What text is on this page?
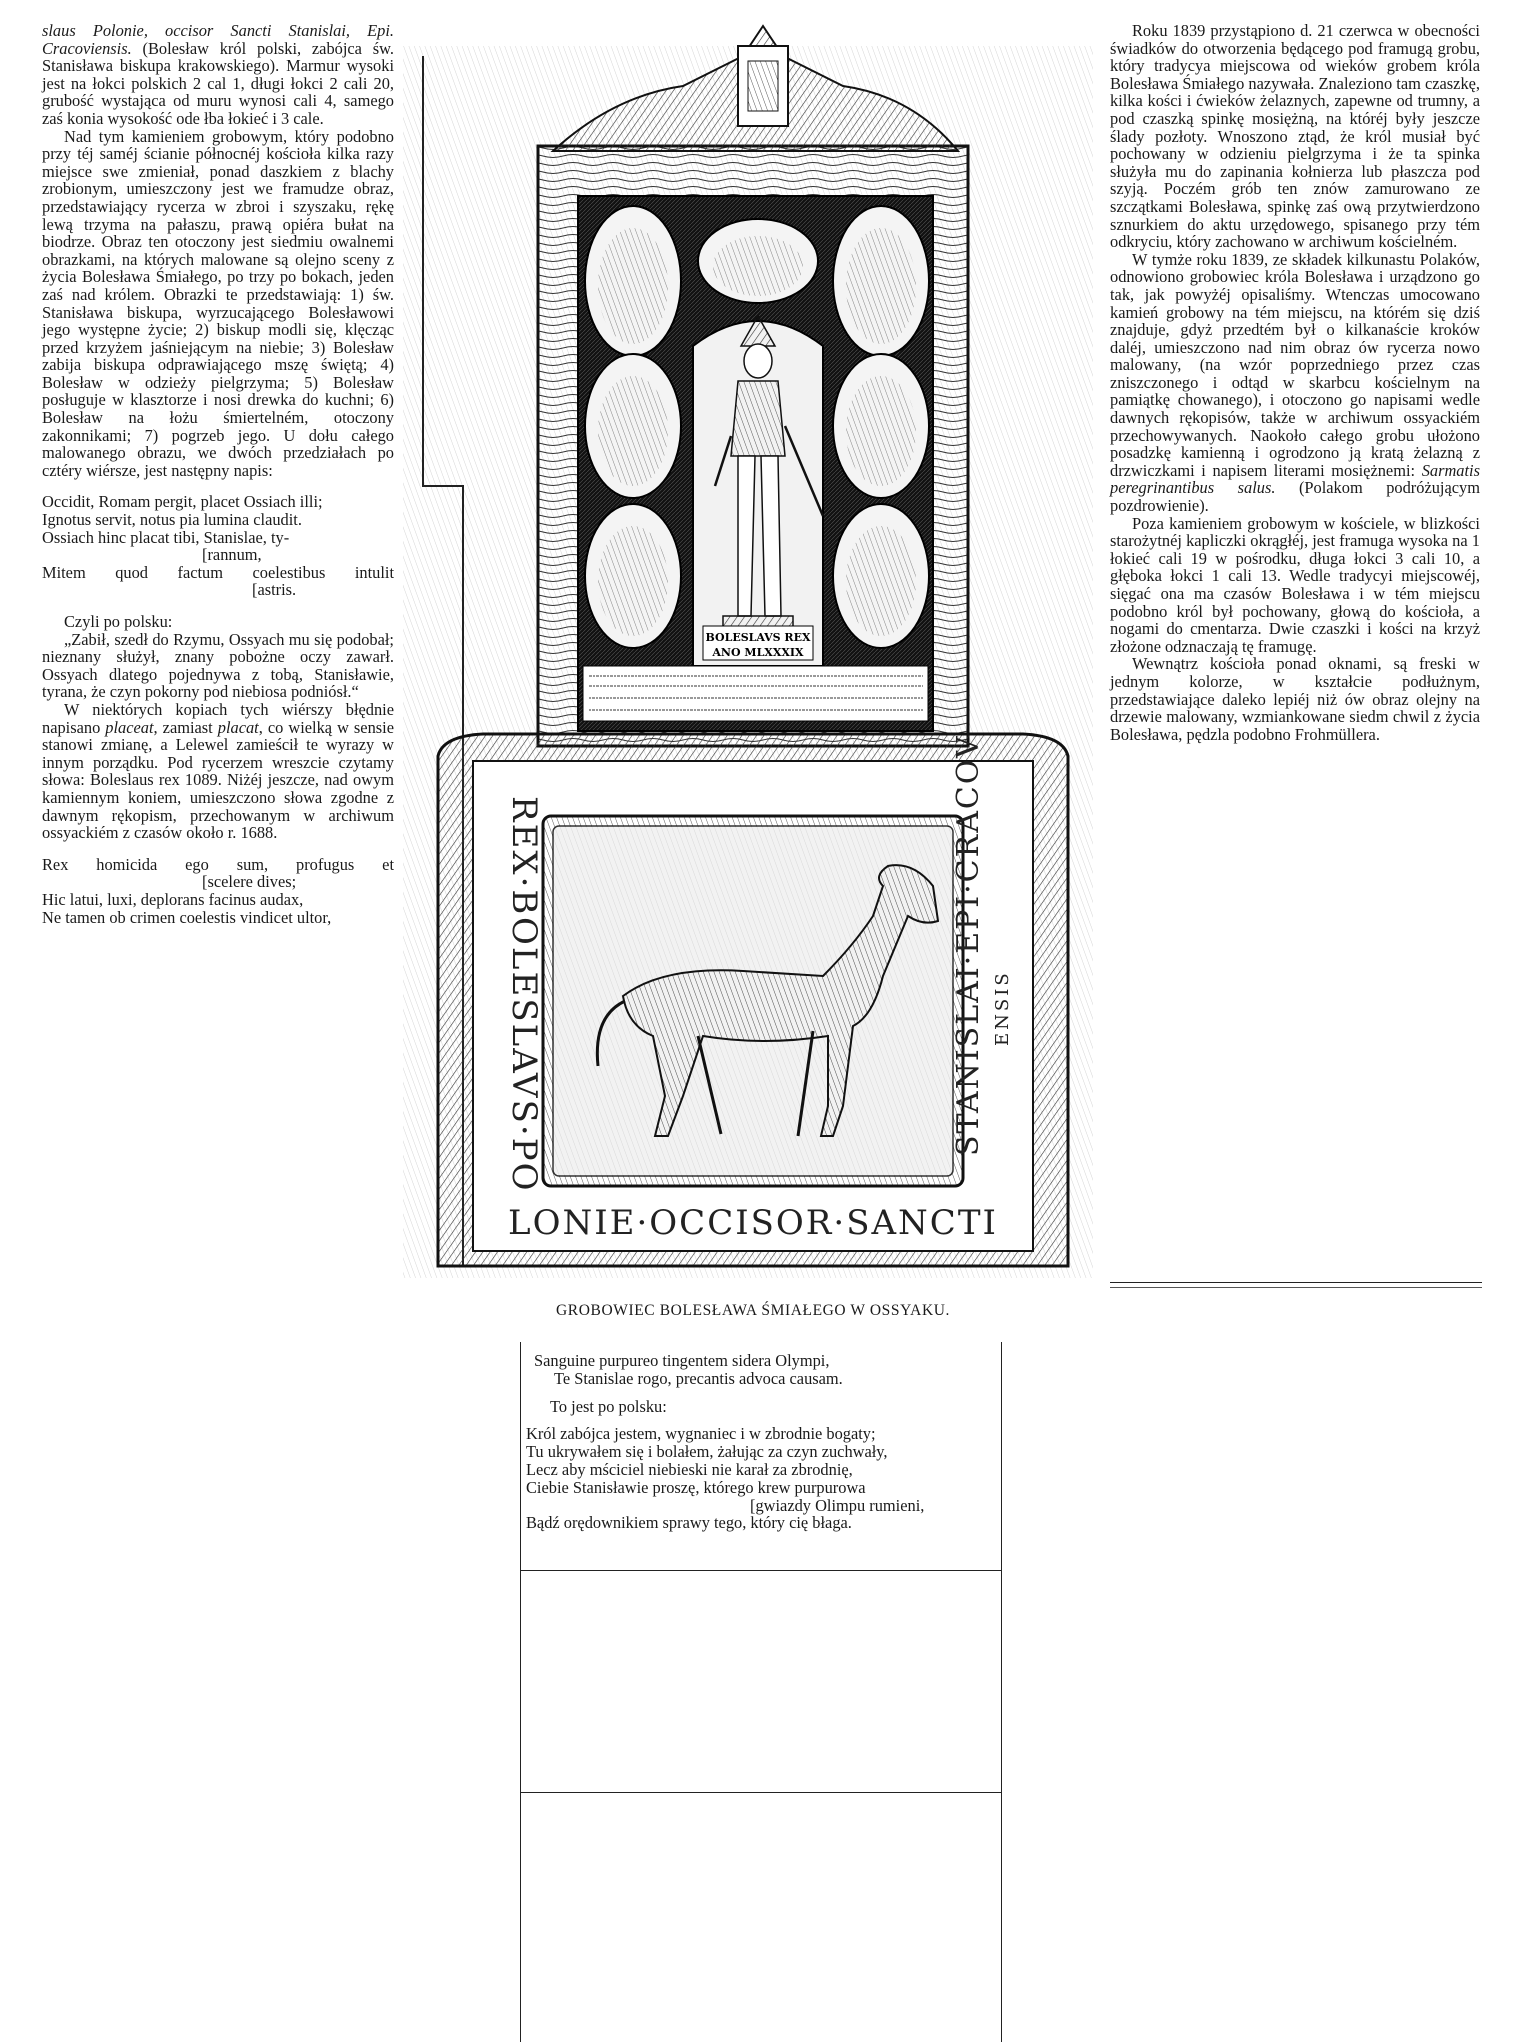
slaus Polonie, occisor Sancti Stanislai, Epi. Cracoviensis. (Bolesław król polski, zabójca św. Stanisława biskupa krakowskiego). Marmur wysoki jest na łokci polskich 2 cal 1, długi łokci 2 cali 20, grubość wystająca od muru wynosi cali 4, samego zaś konia wysokość ode łba łokieć i 3 cale.

Nad tym kamieniem grobowym, który podobno przy téj saméj ścianie północnéj kościoła kilka razy miejsce swe zmieniał, ponad daszkiem z blachy zrobionym, umieszczony jest we framudze obraz, przedstawiający rycerza w zbroi i szyszaku, rękę lewą trzyma na pałaszu, prawą opiéra bułat na biodrze. Obraz ten otoczony jest siedmiu owalnemi obrazkami, na których malowane są olejno sceny z życia Bolesława Śmiałego, po trzy po bokach, jeden zaś nad królem. Obrazki te przedstawiają: 1) św. Stanisława biskupa, wyrzucającego Bolesławowi jego występne życie; 2) biskup modli się, klęcząc przed krzyżem jaśniejącym na niebie; 3) Bolesław zabija biskupa odprawiającego mszę świętą; 4) Bolesław w odzieży pielgrzyma; 5) Bolesław posługuje w klasztorze i nosi drewka do kuchni; 6) Bolesław na łożu śmiertelném, otoczony zakonnikami; 7) pogrzeb jego. U dołu całego malowanego obrazu, we dwóch przedziałach po cztéry wiérsze, jest następny napis:

Occidit, Romam pergit, placet Ossiach illi;
Ignotus servit, notus pia lumina claudit.
Ossiach hinc placat tibi, Stanislae, ty-
[rannum,
Mitem quod factum coelestibus intulit
[astris.

Czyli po polsku:

„Zabił, szedł do Rzymu, Ossyach mu się podobał; nieznany służył, znany pobożne oczy zawarł. Ossyach dlatego pojednywa z tobą, Stanisławie, tyrana, że czyn pokorny pod niebiosa podniósł.“

W niektórych kopiach tych wiérszy błędnie napisano placeat, zamiast placat, co wielką w sensie stanowi zmianę, a Lelewel zamieścił te wyrazy w innym porządku. Pod rycerzem wreszcie czytamy słowa: Boleslaus rex 1089. Niżéj jeszcze, nad owym kamiennym koniem, umieszczono słowa zgodne z dawnym rękopism, przechowanym w archiwum ossyackiém z czasów około r. 1688.

Rex homicida ego sum, profugus et
[scelere dives;
Hic latui, luxi, deplorans facinus audax,
Ne tamen ob crimen coelestis vindicet ultor,
BOLESLAVS REX
ANO MLXXXIX
REX·BOLESLAVS·PO
LONIE·OCCISOR·SANCTI
STANISLAI·EPI·CRACOV ENSIS
GROBOWIEC BOLESŁAWA ŚMIAŁEGO W OSSYAKU.

Sanguine purpureo tingentem sidera Olympi,

Te Stanislae rogo, precantis advoca causam.

To jest po polsku:

Król zabójca jestem, wygnaniec i w zbrodnie bogaty;

Tu ukrywałem się i bolałem, żałując za czyn zuchwały,

Lecz aby mściciel niebieski nie karał za zbrodnię,

Ciebie Stanisławie proszę, którego krew purpurowa

[gwiazdy Olimpu rumieni,

Bądź orędownikiem sprawy tego, który cię błaga.

Roku 1839 przystąpiono d. 21 czerwca w obecności świadków do otworzenia będącego pod framugą grobu, który tradycya miejscowa od wieków grobem króla Bolesława Śmiałego nazywała. Znaleziono tam czaszkę, kilka kości i ćwieków żelaznych, zapewne od trumny, a pod czaszką spinkę mosiężną, na któréj były jeszcze ślady pozłoty. Wnoszono ztąd, że król musiał być pochowany w odzieniu pielgrzyma i że ta spinka służyła mu do zapinania kołnierza lub płaszcza pod szyją. Poczém grób ten znów zamurowano ze szczątkami Bolesława, spinkę zaś ową przytwierdzono sznurkiem do aktu urzędowego, spisanego przy tém odkryciu, który zachowano w archiwum kościelném.

W tymże roku 1839, ze składek kilkunastu Polaków, odnowiono grobowiec króla Bolesława i urządzono go tak, jak powyżéj opisaliśmy. Wtenczas umocowano kamień grobowy na tém miejscu, na którém się dziś znajduje, gdyż przedtém był o kilkanaście kroków daléj, umieszczono nad nim obraz ów rycerza nowo malowany, (na wzór poprzedniego przez czas zniszczonego i odtąd w skarbcu kościelnym na pamiątkę chowanego), i otoczono go napisami wedle dawnych rękopisów, także w archiwum ossyackiém przechowywanych. Naokoło całego grobu ułożono posadzkę kamienną i ogrodzono ją kratą żelazną z drzwiczkami i napisem literami mosiężnemi: Sarmatis peregrinantibus salus. (Polakom podróżującym pozdrowienie).

Poza kamieniem grobowym w kościele, w blizkości starożytnéj kapliczki okrągłéj, jest framuga wysoka na 1 łokieć cali 19 w pośrodku, długa łokci 3 cali 10, a głęboka łokci 1 cali 13. Wedle tradycyi miejscowéj, sięgać ona ma czasów Bolesława i w tém miejscu podobno król był pochowany, głową do kościoła, a nogami do cmentarza. Dwie czaszki i kości na krzyż złożone odznaczają tę framugę.

Wewnątrz kościoła ponad oknami, są freski w jednym kolorze, w kształcie podłużnym, przedstawiające daleko lepiéj niż ów obraz olejny na drzewie malowany, wzmiankowane siedm chwil z życia Bolesława, pędzla podobno Frohmüllera.
